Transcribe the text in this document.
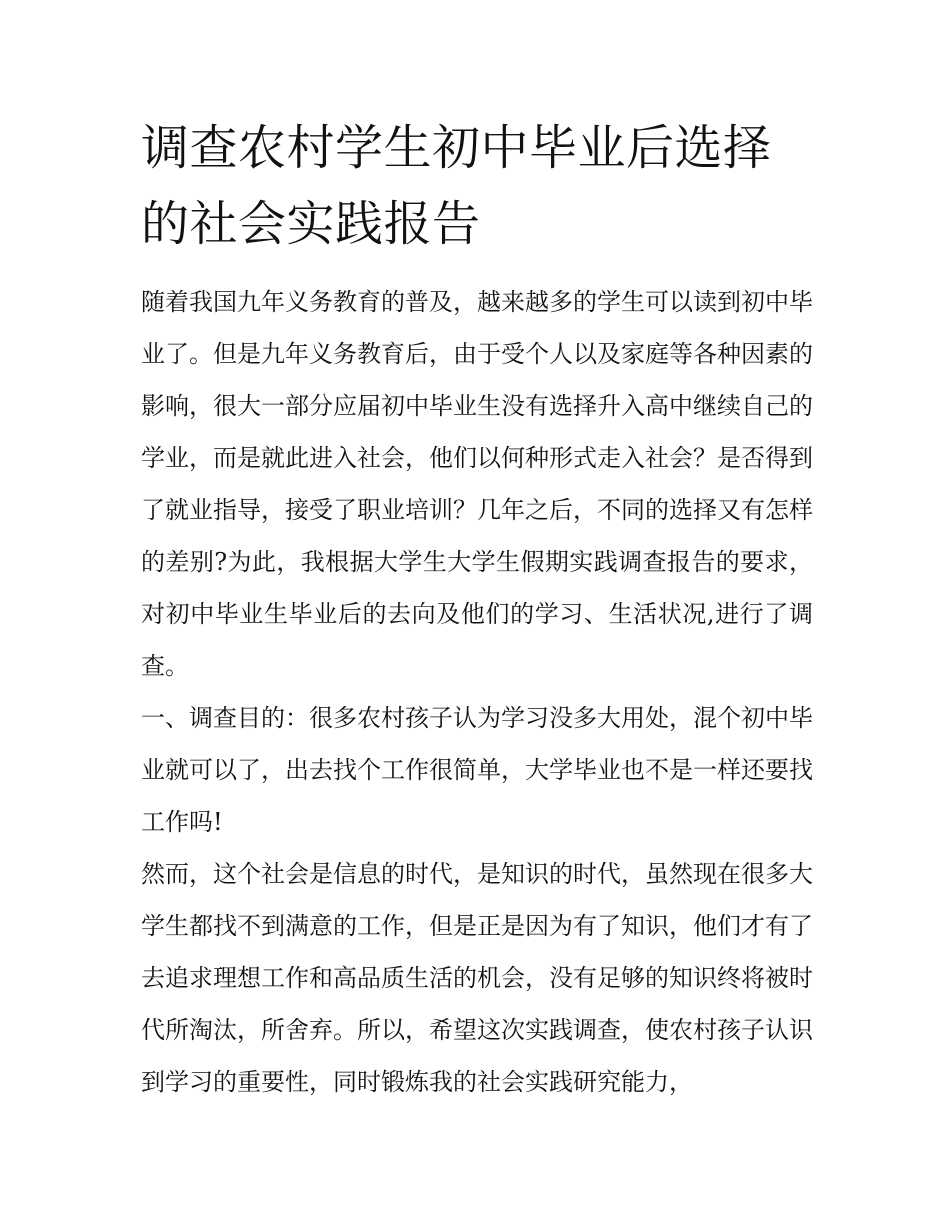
调查农村学生初中毕业后选择的社会实践报告

随着我国九年义务教育的普及，越来越多的学生可以读到初中毕业了。但是九年义务教育后，由于受个人以及家庭等各种因素的影响，很大一部分应届初中毕业生没有选择升入高中继续自己的学业，而是就此进入社会，他们以何种形式走入社会？是否得到了就业指导，接受了职业培训？几年之后，不同的选择又有怎样的差别?为此，我根据大学生大学生假期实践调查报告的要求，对初中毕业生毕业后的去向及他们的学习、生活状况,进行了调查。

一、调查目的：很多农村孩子认为学习没多大用处，混个初中毕业就可以了，出去找个工作很简单，大学毕业也不是一样还要找工作吗!

然而，这个社会是信息的时代，是知识的时代，虽然现在很多大学生都找不到满意的工作，但是正是因为有了知识，他们才有了去追求理想工作和高品质生活的机会，没有足够的知识终将被时代所淘汰，所舍弃。所以，希望这次实践调查，使农村孩子认识到学习的重要性，同时锻炼我的社会实践研究能力，
